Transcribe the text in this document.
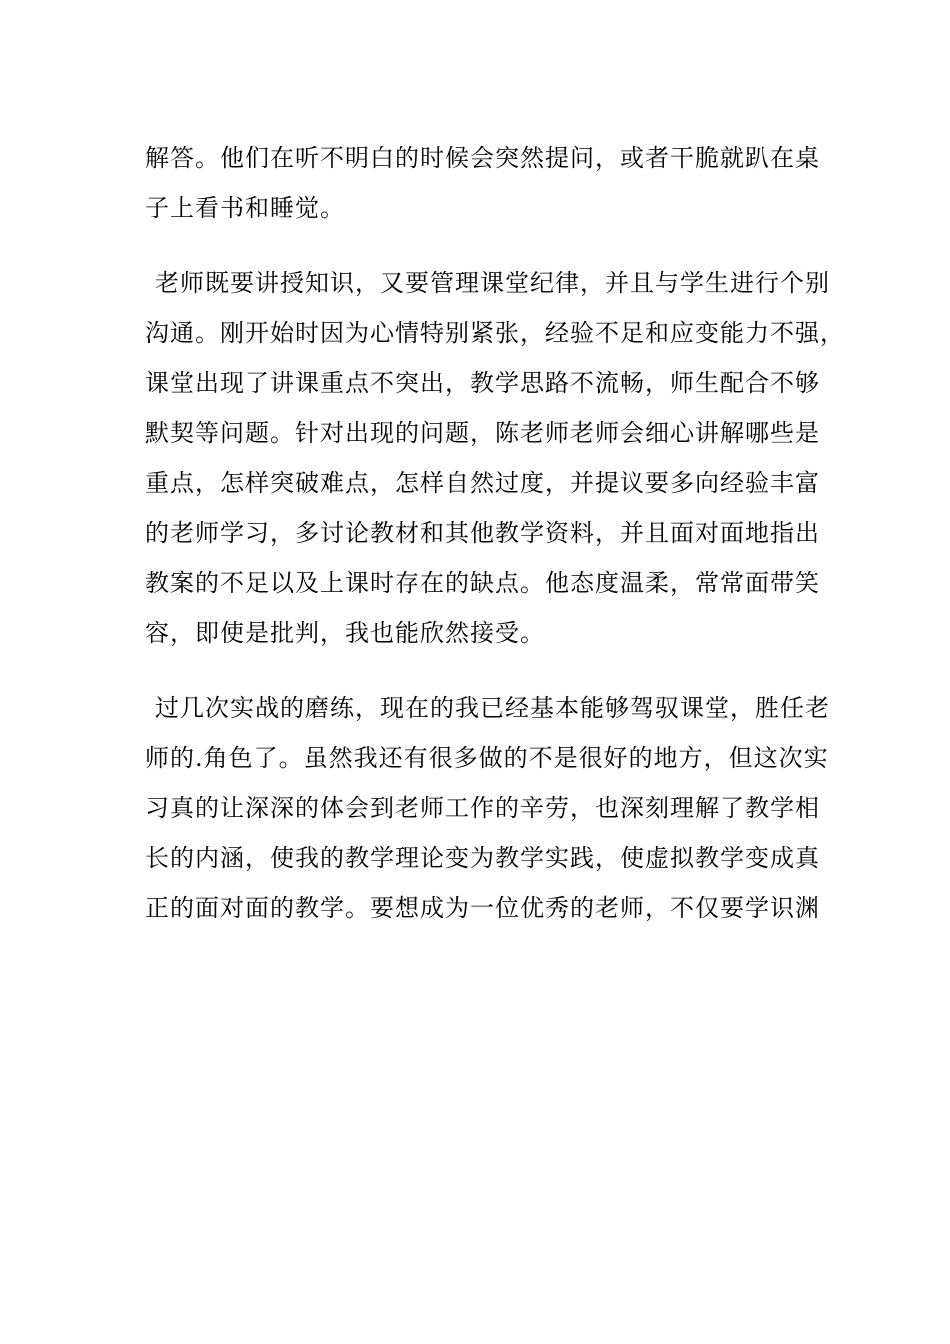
解答。他们在听不明白的时候会突然提问，或者干脆就趴在桌

子上看书和睡觉。

老师既要讲授知识，又要管理课堂纪律，并且与学生进行个别

沟通。刚开始时因为心情特别紧张，经验不足和应变能力不强，

课堂出现了讲课重点不突出，教学思路不流畅，师生配合不够

默契等问题。针对出现的问题，陈老师老师会细心讲解哪些是

重点，怎样突破难点，怎样自然过度，并提议要多向经验丰富

的老师学习，多讨论教材和其他教学资料，并且面对面地指出

教案的不足以及上课时存在的缺点。他态度温柔，常常面带笑

容，即使是批判，我也能欣然接受。

过几次实战的磨练，现在的我已经基本能够驾驭课堂，胜任老

师的.角色了。虽然我还有很多做的不是很好的地方，但这次实

习真的让深深的体会到老师工作的辛劳，也深刻理解了教学相

长的内涵，使我的教学理论变为教学实践，使虚拟教学变成真

正的面对面的教学。要想成为一位优秀的老师，不仅要学识渊
